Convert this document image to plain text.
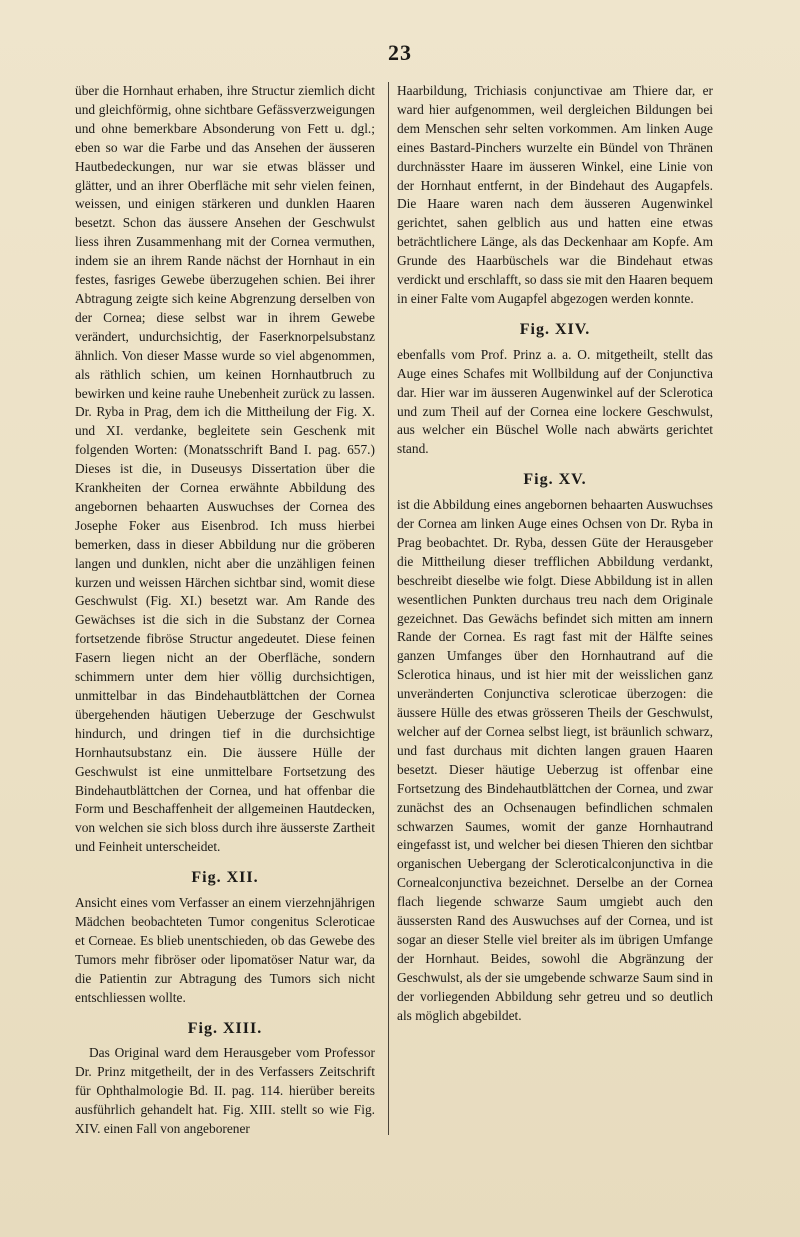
23

über die Hornhaut erhaben, ihre Structur ziemlich dicht und gleichförmig, ohne sichtbare Gefässverzweigungen und ohne bemerkbare Absonderung von Fett u. dgl.; eben so war die Farbe und das Ansehen der äusseren Hautbedeckungen, nur war sie etwas blässer und glätter, und an ihrer Oberfläche mit sehr vielen feinen, weissen, und einigen stärkeren und dunklen Haaren besetzt. Schon das äussere Ansehen der Geschwulst liess ihren Zusammenhang mit der Cornea vermuthen, indem sie an ihrem Rande nächst der Hornhaut in ein festes, fasriges Gewebe überzugehen schien. Bei ihrer Abtragung zeigte sich keine Abgrenzung derselben von der Cornea; diese selbst war in ihrem Gewebe verändert, undurchsichtig, der Faserknorpelsubstanz ähnlich. Von dieser Masse wurde so viel abgenommen, als räthlich schien, um keinen Hornhautbruch zu bewirken und keine rauhe Unebenheit zurück zu lassen. Dr. Ryba in Prag, dem ich die Mittheilung der Fig. X. und XI. verdanke, begleitete sein Geschenk mit folgenden Worten: (Monatsschrift Band I. pag. 657.) Dieses ist die, in Duseusys Dissertation über die Krankheiten der Cornea erwähnte Abbildung des angebornen behaarten Auswuchses der Cornea des Josephe Foker aus Eisenbrod. Ich muss hierbei bemerken, dass in dieser Abbildung nur die gröberen langen und dunklen, nicht aber die unzähligen feinen kurzen und weissen Härchen sichtbar sind, womit diese Geschwulst (Fig. XI.) besetzt war. Am Rande des Gewächses ist die sich in die Substanz der Cornea fortsetzende fibröse Structur angedeutet. Diese feinen Fasern liegen nicht an der Oberfläche, sondern schimmern unter dem hier völlig durchsichtigen, unmittelbar in das Bindehautblättchen der Cornea übergehenden häutigen Ueberzuge der Geschwulst hindurch, und dringen tief in die durchsichtige Hornhautsubstanz ein. Die äussere Hülle der Geschwulst ist eine unmittelbare Fortsetzung des Bindehautblättchen der Cornea, und hat offenbar die Form und Beschaffenheit der allgemeinen Hautdecken, von welchen sie sich bloss durch ihre äusserste Zartheit und Feinheit unterscheidet.

Fig. XII.

Ansicht eines vom Verfasser an einem vierzehnjährigen Mädchen beobachteten Tumor congenitus Scleroticae et Corneae. Es blieb unentschieden, ob das Gewebe des Tumors mehr fibröser oder lipomatöser Natur war, da die Patientin zur Abtragung des Tumors sich nicht entschliessen wollte.

Fig. XIII.

Das Original ward dem Herausgeber vom Professor Dr. Prinz mitgetheilt, der in des Verfassers Zeitschrift für Ophthalmologie Bd. II. pag. 114. hierüber bereits ausführlich gehandelt hat. Fig. XIII. stellt so wie Fig. XIV. einen Fall von angeborener

Haarbildung, Trichiasis conjunctivae am Thiere dar, er ward hier aufgenommen, weil dergleichen Bildungen bei dem Menschen sehr selten vorkommen. Am linken Auge eines Bastard-Pinchers wurzelte ein Bündel von Thränen durchnässter Haare im äusseren Winkel, eine Linie von der Hornhaut entfernt, in der Bindehaut des Augapfels. Die Haare waren nach dem äusseren Augenwinkel gerichtet, sahen gelblich aus und hatten eine etwas beträchtlichere Länge, als das Deckenhaar am Kopfe. Am Grunde des Haarbüschels war die Bindehaut etwas verdickt und erschlafft, so dass sie mit den Haaren bequem in einer Falte vom Augapfel abgezogen werden konnte.

Fig. XIV.

ebenfalls vom Prof. Prinz a. a. O. mitgetheilt, stellt das Auge eines Schafes mit Wollbildung auf der Conjunctiva dar. Hier war im äusseren Augenwinkel auf der Sclerotica und zum Theil auf der Cornea eine lockere Geschwulst, aus welcher ein Büschel Wolle nach abwärts gerichtet stand.

Fig. XV.

ist die Abbildung eines angebornen behaarten Auswuchses der Cornea am linken Auge eines Ochsen von Dr. Ryba in Prag beobachtet. Dr. Ryba, dessen Güte der Herausgeber die Mittheilung dieser trefflichen Abbildung verdankt, beschreibt dieselbe wie folgt. Diese Abbildung ist in allen wesentlichen Punkten durchaus treu nach dem Originale gezeichnet. Das Gewächs befindet sich mitten am innern Rande der Cornea. Es ragt fast mit der Hälfte seines ganzen Umfanges über den Hornhautrand auf die Sclerotica hinaus, und ist hier mit der weisslichen ganz unveränderten Conjunctiva scleroticae überzogen: die äussere Hülle des etwas grösseren Theils der Geschwulst, welcher auf der Cornea selbst liegt, ist bräunlich schwarz, und fast durchaus mit dichten langen grauen Haaren besetzt. Dieser häutige Ueberzug ist offenbar eine Fortsetzung des Bindehautblättchen der Cornea, und zwar zunächst des an Ochsenaugen befindlichen schmalen schwarzen Saumes, womit der ganze Hornhautrand eingefasst ist, und welcher bei diesen Thieren den sichtbar organischen Uebergang der Scleroticalconjunctiva in die Cornealconjunctiva bezeichnet. Derselbe an der Cornea flach liegende schwarze Saum umgiebt auch den äussersten Rand des Auswuchses auf der Cornea, und ist sogar an dieser Stelle viel breiter als im übrigen Umfange der Hornhaut. Beides, sowohl die Abgränzung der Geschwulst, als der sie umgebende schwarze Saum sind in der vorliegenden Abbildung sehr getreu und so deutlich als möglich abgebildet.
